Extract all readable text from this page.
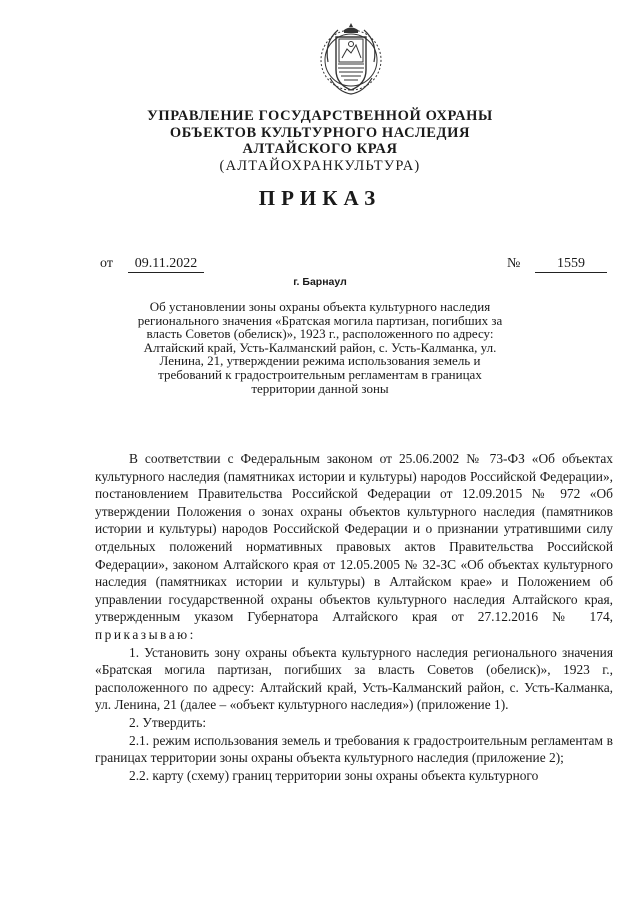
УПРАВЛЕНИЕ ГОСУДАРСТВЕННОЙ ОХРАНЫ
ОБЪЕКТОВ КУЛЬТУРНОГО НАСЛЕДИЯ
АЛТАЙСКОГО КРАЯ
(АЛТАЙОХРАНКУЛЬТУРА)
ПРИКАЗ
от	09.11.2022	№	1559
г. Барнаул
Об установлении зоны охраны объекта культурного наследия регионального значения «Братская могила партизан, погибших за власть Советов (обелиск)», 1923 г., расположенного по адресу: Алтайский край, Усть-Калманский район, с. Усть-Калманка, ул. Ленина, 21, утверждении режима использования земель и требований к градостроительным регламентам в границах территории данной зоны

В соответствии с Федеральным законом от 25.06.2002 № 73-ФЗ «Об объектах культурного наследия (памятниках истории и культуры) народов Российской Федерации», постановлением Правительства Российской Федерации от 12.09.2015 № 972 «Об утверждении Положения о зонах охраны объектов культурного наследия (памятников истории и культуры) народов Российской Федерации и о признании утратившими силу отдельных положений нормативных правовых актов Правительства Российской Федерации», законом Алтайского края от 12.05.2005 № 32-ЗС «Об объектах культурного наследия (памятниках истории и культуры) в Алтайском крае» и Положением об управлении государственной охраны объектов культурного наследия Алтайского края, утвержденным указом Губернатора Алтайского края от 27.12.2016 № 174, приказываю:

1. Установить зону охраны объекта культурного наследия регионального значения «Братская могила партизан, погибших за власть Советов (обелиск)», 1923 г., расположенного по адресу: Алтайский край, Усть-Калманский район, с. Усть-Калманка, ул. Ленина, 21 (далее – «объект культурного наследия») (приложение 1).

2. Утвердить:

2.1. режим использования земель и требования к градостроительным регламентам в границах территории зоны охраны объекта культурного наследия (приложение 2);

2.2. карту (схему) границ территории зоны охраны объекта культурного
